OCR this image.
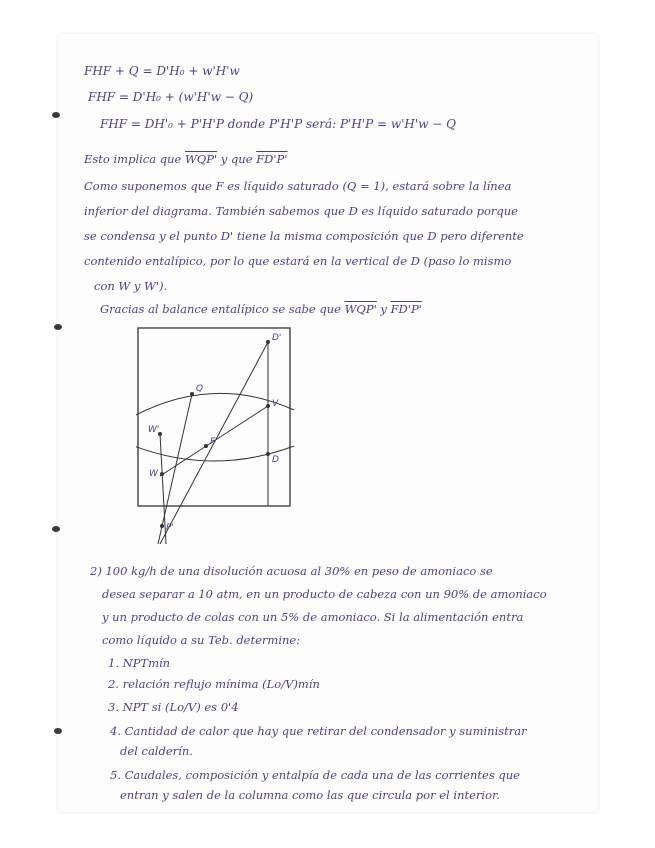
FHF + Q = D'H₀ + w'H'w

FHF = D'H₀ + (w'H'w − Q)

FHF = DH'₀ + P'H'P donde P'H'P será: P'H'P = w'H'w − Q

Esto implica que WQP' y que FD'P'

Como suponemos que F es líquido saturado (Q = 1), estará sobre la línea

inferior del diagrama. También sabemos que D es líquido saturado porque

se condensa y el punto D' tiene la misma composición que D pero diferente

contenido entalípico, por lo que estará en la vertical de D (paso lo mismo

con W y W').

Gracias al balance entalípico se sabe que WQP' y FD'P'

D'
Q
V
W'
F
D
W
P'

2) 100 kg/h de una disolución acuosa al 30% en peso de amoniaco se

desea separar a 10 atm, en un producto de cabeza con un 90% de amoniaco

y un producto de colas con un 5% de amoniaco. Si la alimentación entra

como líquido a su Teb. determine:

1. NPTmín

2. relación reflujo mínima (Lo/V)mín

3. NPT si (Lo/V) es 0'4

4. Cantidad de calor que hay que retirar del condensador y suministrar

del calderín.

5. Caudales, composición y entalpía de cada una de las corrientes que

entran y salen de la columna como las que circula por el interior.
